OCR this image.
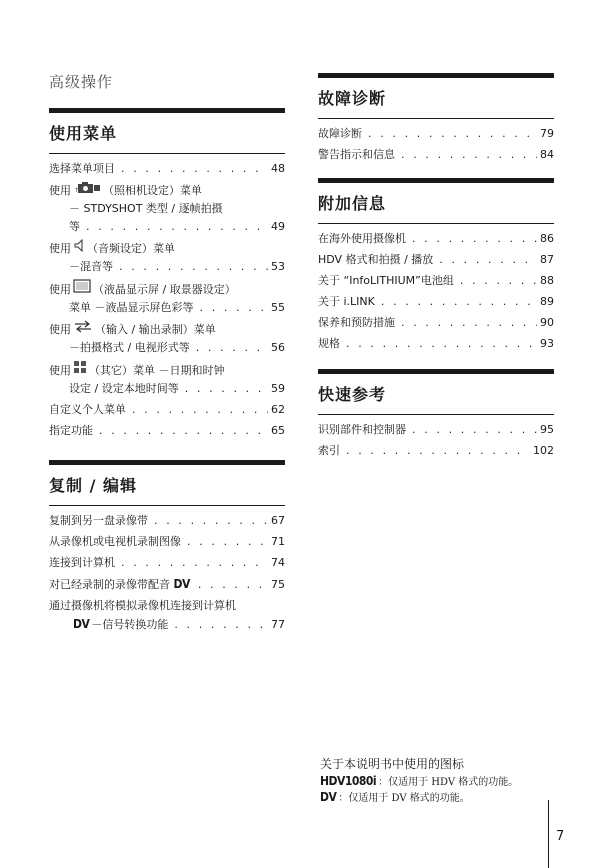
高级操作
使用菜单
选择菜单项目 . . .	48
使用 ↑ （照相机设定）菜单
－ STDYSHOT 类型 / 逐帧拍摄
等 . . .	49
使用 （音频设定）菜单
－混音等 . . .	53
使用 （液晶显示屏 / 取景器设定）
菜单 －液晶显示屏色彩等 . . .	55
使用 （输入 / 输出录制）菜单
－拍摄格式 / 电视形式等 . . .	56
使用 （其它）菜单 －日期和时钟
设定 / 设定本地时间等 . . .	59
自定义个人菜单 . . .	62
指定功能 . . .	65
复制 / 编辑
复制到另一盘录像带 . . .	67
从录像机或电视机录制图像 . . .	71
连接到计算机 . . .	74
对已经录制的录像带配音 DV . . .	75
通过摄像机将模拟录像机连接到计算机
DV －信号转换功能 . . .	77
故障诊断
故障诊断 . . .	79
警告指示和信息 . . .	84
附加信息
在海外使用摄像机 . . .	86
HDV 格式和拍摄 / 播放 . . .	87
关于 “InfoLITHIUM”电池组 . . .	88
关于 i.LINK . . .	89
保养和预防措施 . . .	90
规格 . . .	93
快速参考
识别部件和控制器 . . .	95
索引 . . .	102
关于本说明书中使用的图标
HDV1080i ：仅适用于 HDV 格式的功能。
DV ：仅适用于 DV 格式的功能。
7
